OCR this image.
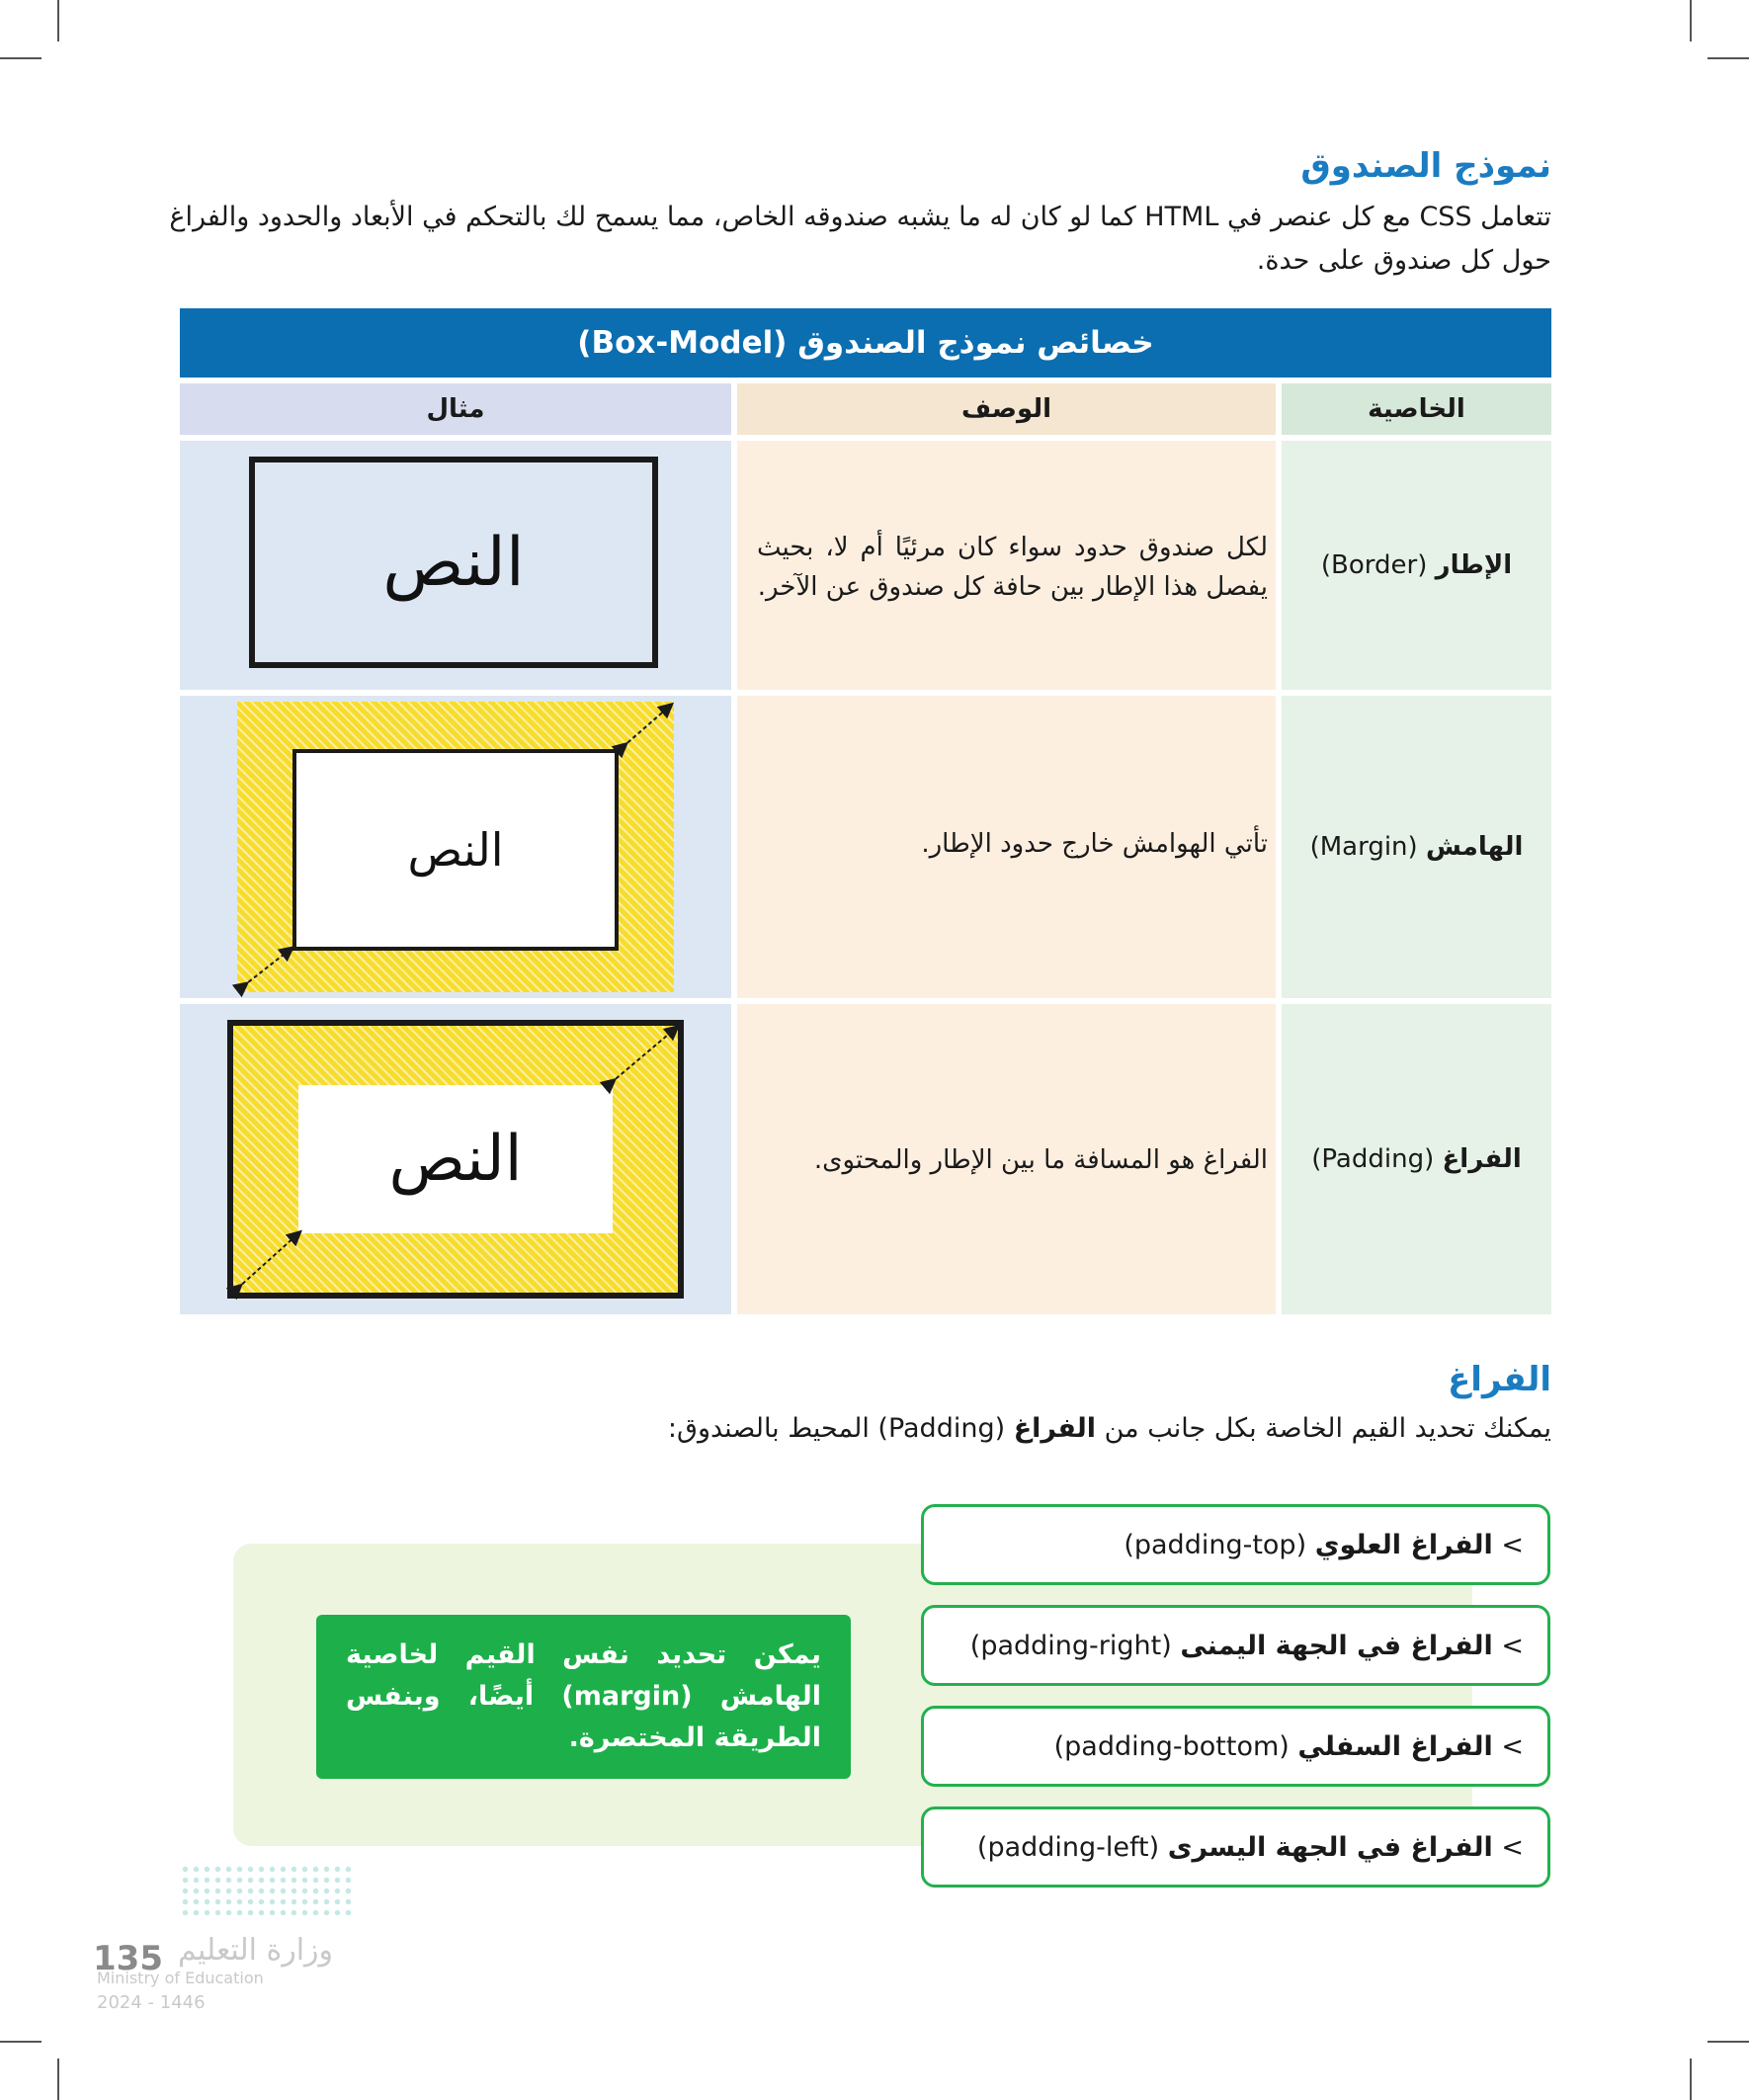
نموذج الصندوق
تتعامل CSS مع كل عنصر في HTML كما لو كان له ما يشبه صندوقه الخاص، مما يسمح لك بالتحكم في الأبعاد والحدود والفراغ حول كل صندوق على حدة.
خصائص نموذج الصندوق (Box-Model)
الخاصية
الوصف
مثال
الإطار

(Border)
لكل صندوق حدود سواء كان مرئيًا أم لا، بحيث يفصل هذا الإطار بين حافة كل صندوق عن الآخر.
النص
الهامش

(Margin)
تأتي الهوامش خارج حدود الإطار.
النص
الفراغ

(Padding)
الفراغ هو المسافة ما بين الإطار والمحتوى.
النص
الفراغ
يمكنك تحديد القيم الخاصة بكل جانب من الفراغ (Padding) المحيط بالصندوق:
يمكن تحديد نفس القيم لخاصية الهامش (margin) أيضًا، وبنفس الطريقة المختصرة.
> الفراغ العلوي (padding-top)
> الفراغ في الجهة اليمنى (padding-right)
> الفراغ السفلي (padding-bottom)
> الفراغ في الجهة اليسرى (padding-left)
وزارة التعليم
Ministry of Education
2024 - 1446
135
